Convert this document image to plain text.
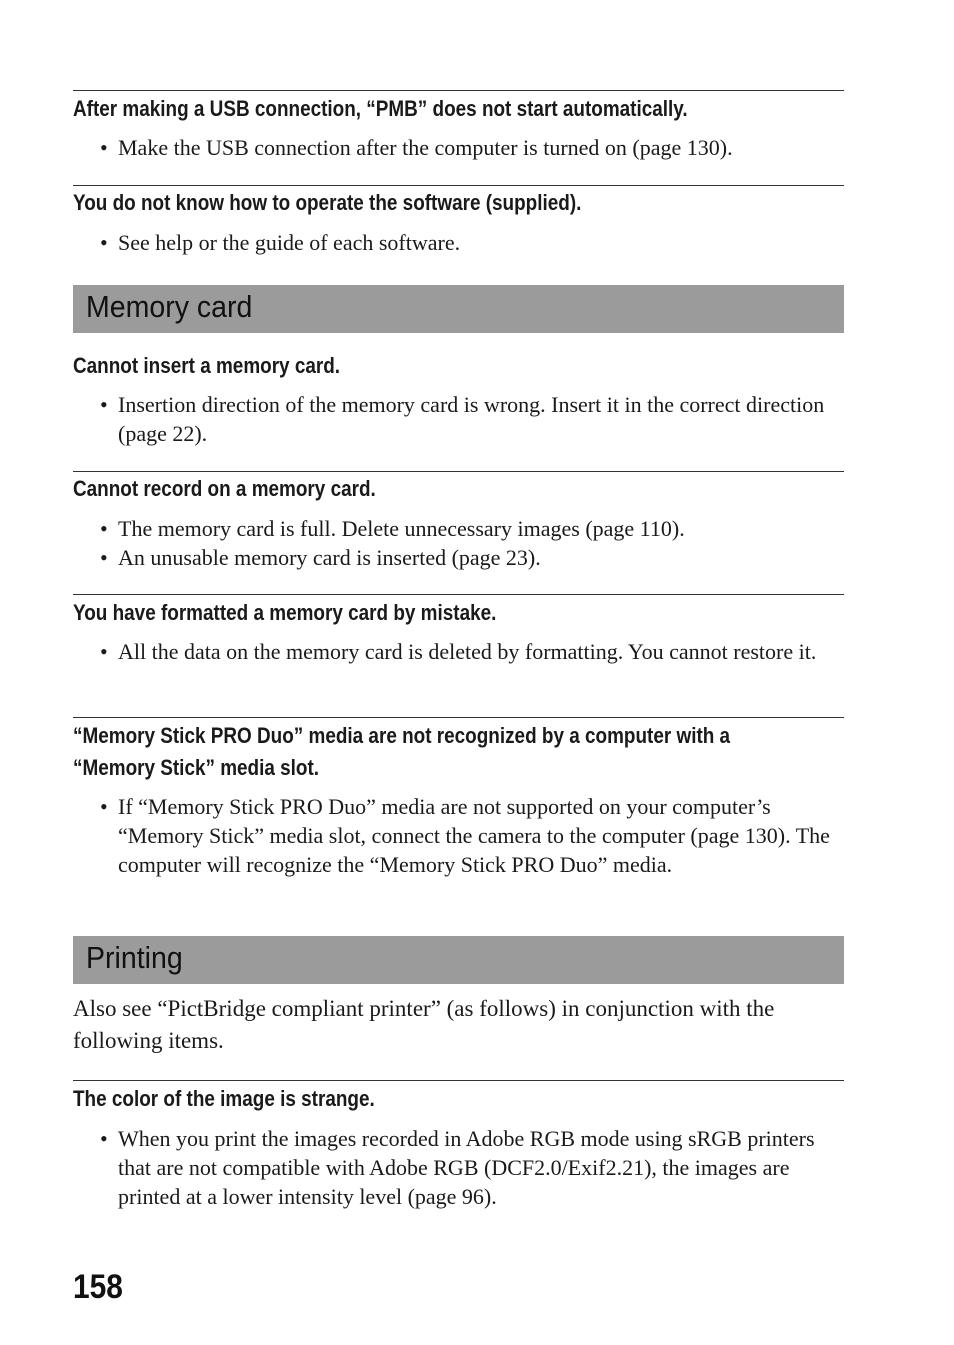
After making a USB connection, “PMB” does not start automatically.
• Make the USB connection after the computer is turned on (page 130).
You do not know how to operate the software (supplied).
• See help or the guide of each software.
Memory card
Cannot insert a memory card.
• Insertion direction of the memory card is wrong. Insert it in the correct direction (page 22).
Cannot record on a memory card.
• The memory card is full. Delete unnecessary images (page 110).
• An unusable memory card is inserted (page 23).
You have formatted a memory card by mistake.
• All the data on the memory card is deleted by formatting. You cannot restore it.
“Memory Stick PRO Duo” media are not recognized by a computer with a
“Memory Stick” media slot.
• If “Memory Stick PRO Duo” media are not supported on your computer’s “Memory Stick” media slot, connect the camera to the computer (page 130). The computer will recognize the “Memory Stick PRO Duo” media.
Printing
Also see “PictBridge compliant printer” (as follows) in conjunction with the following items.
The color of the image is strange.
• When you print the images recorded in Adobe RGB mode using sRGB printers that are not compatible with Adobe RGB (DCF2.0/Exif2.21), the images are printed at a lower intensity level (page 96).
158
